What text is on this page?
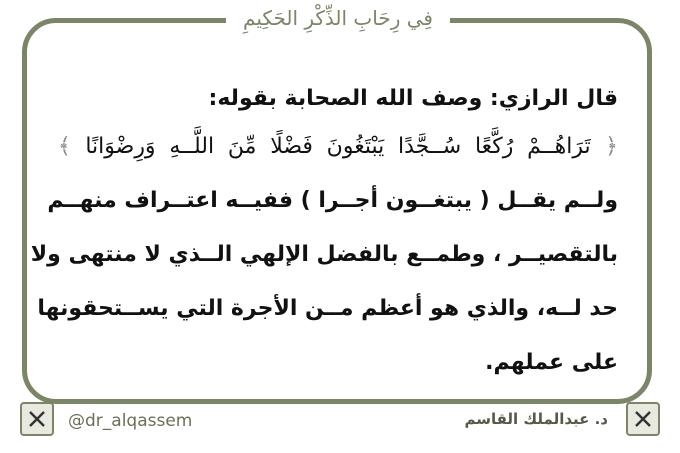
فِي رِحَابِ الذِّكْرِ الحَكِيمِ
قال الرازي: وصف الله الصحابة بقوله:
﴿ تَرَاهُــمْ رُكَّعًا سُــجَّدًا يَبْتَغُونَ فَضْلًا مِّنَ اللَّــهِ وَرِضْوَانًا ﴾
ولــم يقــل ( يبتغــون أجــرا ) ففيــه اعتــراف منهــم
بالتقصيــر ، وطمــع بالفضل الإلهي الــذي لا منتهى ولا
حد لــه، والذي هو أعظم مــن الأجرة التي يســتحقونها
على عملهم.
@dr_alqassem	د. عبدالملك القاسم
